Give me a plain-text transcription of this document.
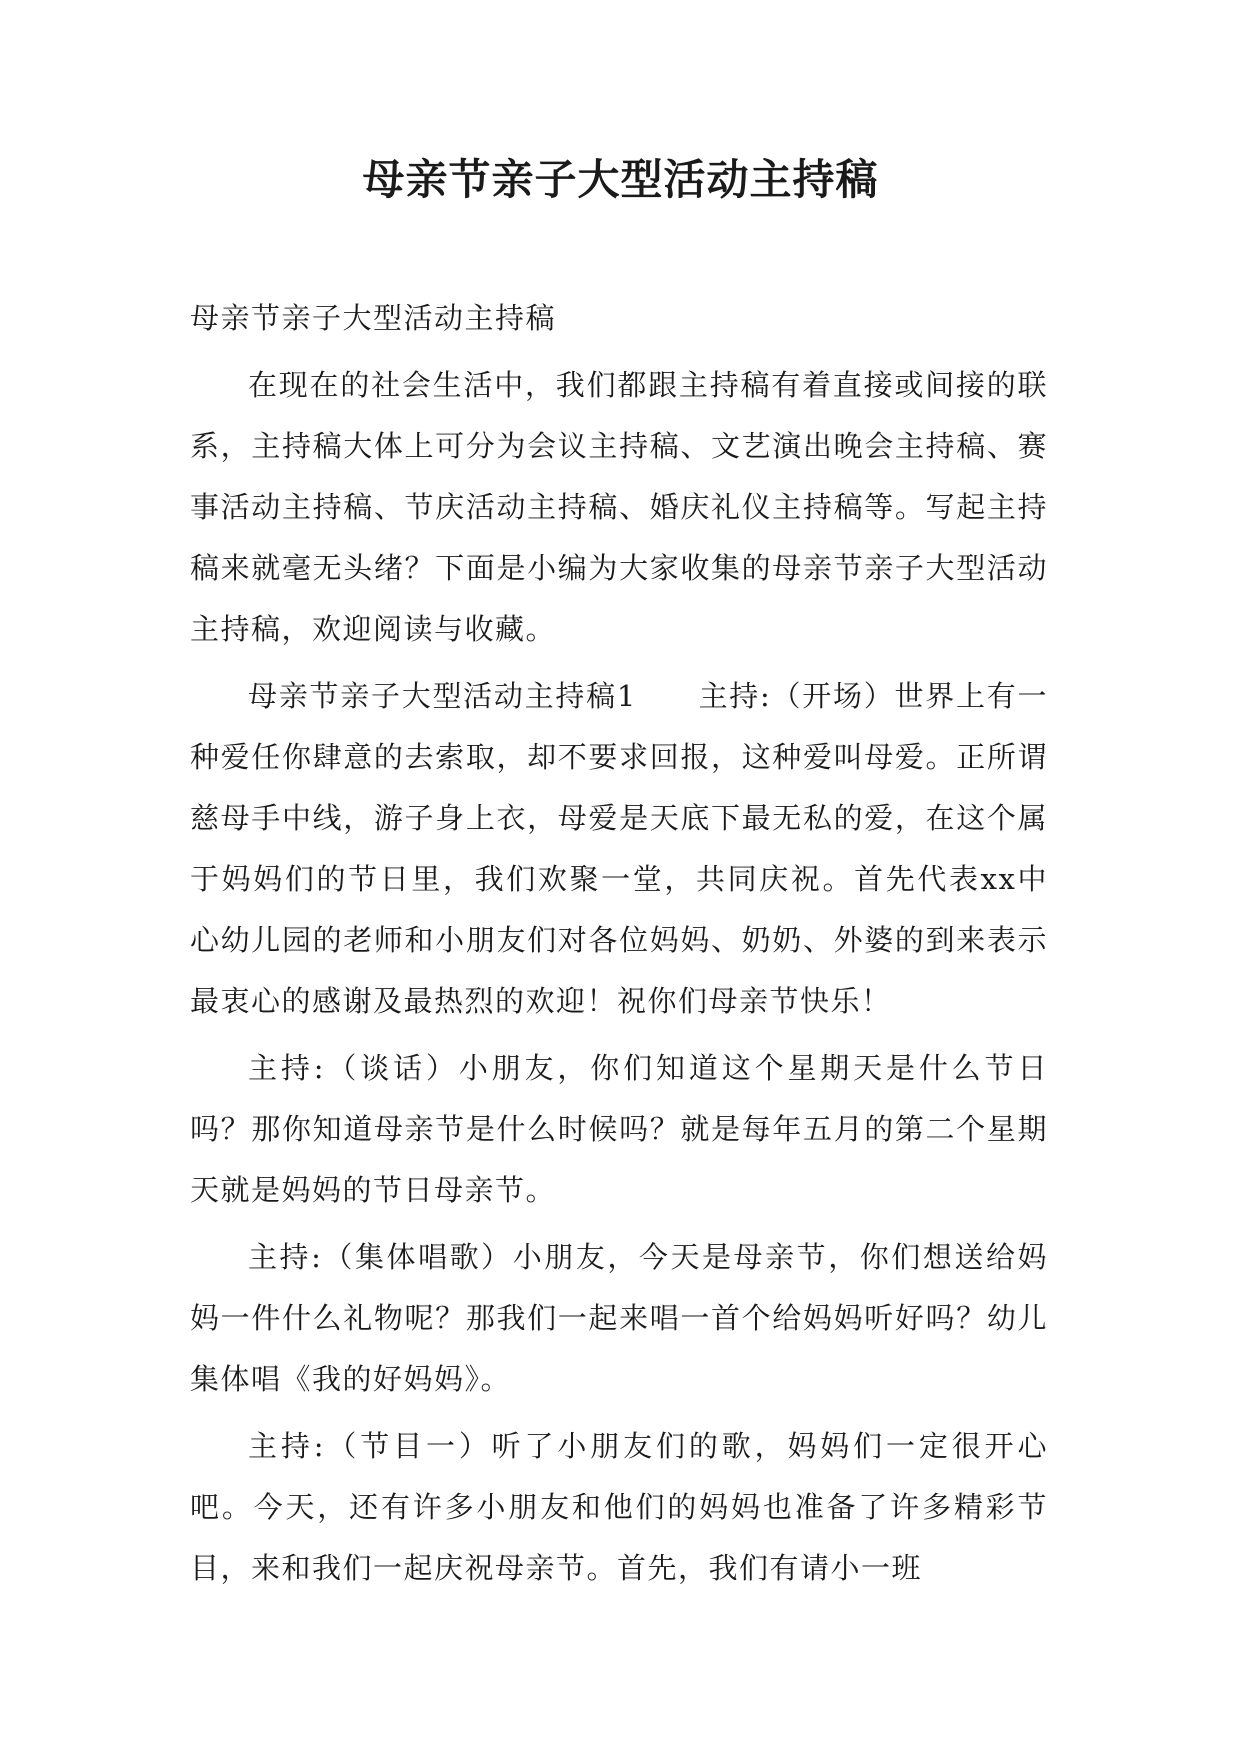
母亲节亲子大型活动主持稿

母亲节亲子大型活动主持稿

在现在的社会生活中，我们都跟主持稿有着直接或间接的联系，主持稿大体上可分为会议主持稿、文艺演出晚会主持稿、赛事活动主持稿、节庆活动主持稿、婚庆礼仪主持稿等。写起主持稿来就毫无头绪？下面是小编为大家收集的母亲节亲子大型活动主持稿，欢迎阅读与收藏。

母亲节亲子大型活动主持稿1　　主持:（开场）世界上有一种爱任你肆意的去索取，却不要求回报，这种爱叫母爱。正所谓慈母手中线，游子身上衣，母爱是天底下最无私的爱，在这个属于妈妈们的节日里，我们欢聚一堂，共同庆祝。首先代表xx中心幼儿园的老师和小朋友们对各位妈妈、奶奶、外婆的到来表示最衷心的感谢及最热烈的欢迎！祝你们母亲节快乐！

主持:（谈话）小朋友，你们知道这个星期天是什么节日吗？那你知道母亲节是什么时候吗？就是每年五月的第二个星期天就是妈妈的节日母亲节。

主持:（集体唱歌）小朋友，今天是母亲节，你们想送给妈妈一件什么礼物呢？那我们一起来唱一首个给妈妈听好吗？幼儿集体唱《我的好妈妈》。

主持:（节目一）听了小朋友们的歌，妈妈们一定很开心吧。今天，还有许多小朋友和他们的妈妈也准备了许多精彩节目，来和我们一起庆祝母亲节。首先，我们有请小一班
